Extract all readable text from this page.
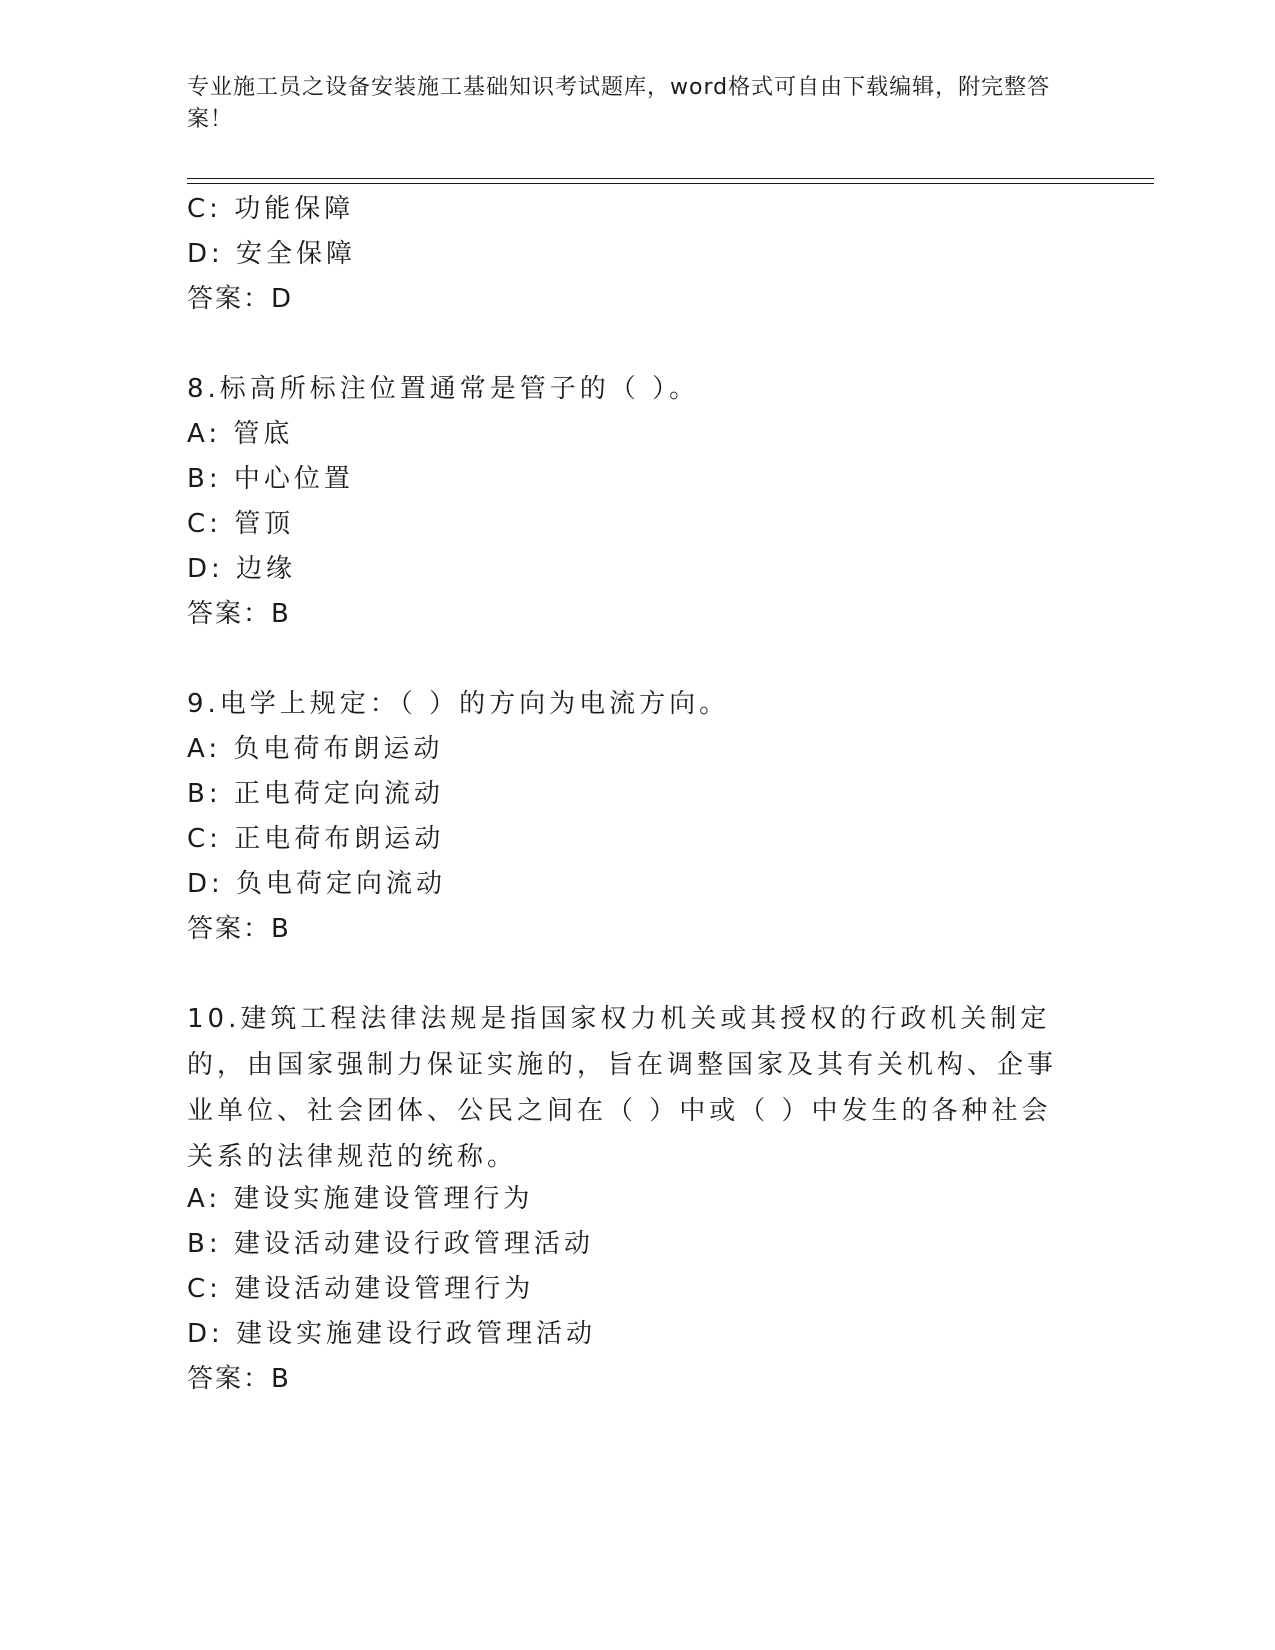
专业施工员之设备安装施工基础知识考试题库，word格式可自由下载编辑，附完整答案！
C: 功能保障
D: 安全保障
答案：D
8.标高所标注位置通常是管子的（ ）。
A: 管底
B: 中心位置
C: 管顶
D: 边缘
答案：B
9.电学上规定：（ ）的方向为电流方向。
A: 负电荷布朗运动
B: 正电荷定向流动
C: 正电荷布朗运动
D: 负电荷定向流动
答案：B
10.建筑工程法律法规是指国家权力机关或其授权的行政机关制定的，由国家强制力保证实施的，旨在调整国家及其有关机构、企事业单位、社会团体、公民之间在（ ）中或（ ）中发生的各种社会关系的法律规范的统称。
A: 建设实施建设管理行为
B: 建设活动建设行政管理活动
C: 建设活动建设管理行为
D: 建设实施建设行政管理活动
答案：B
